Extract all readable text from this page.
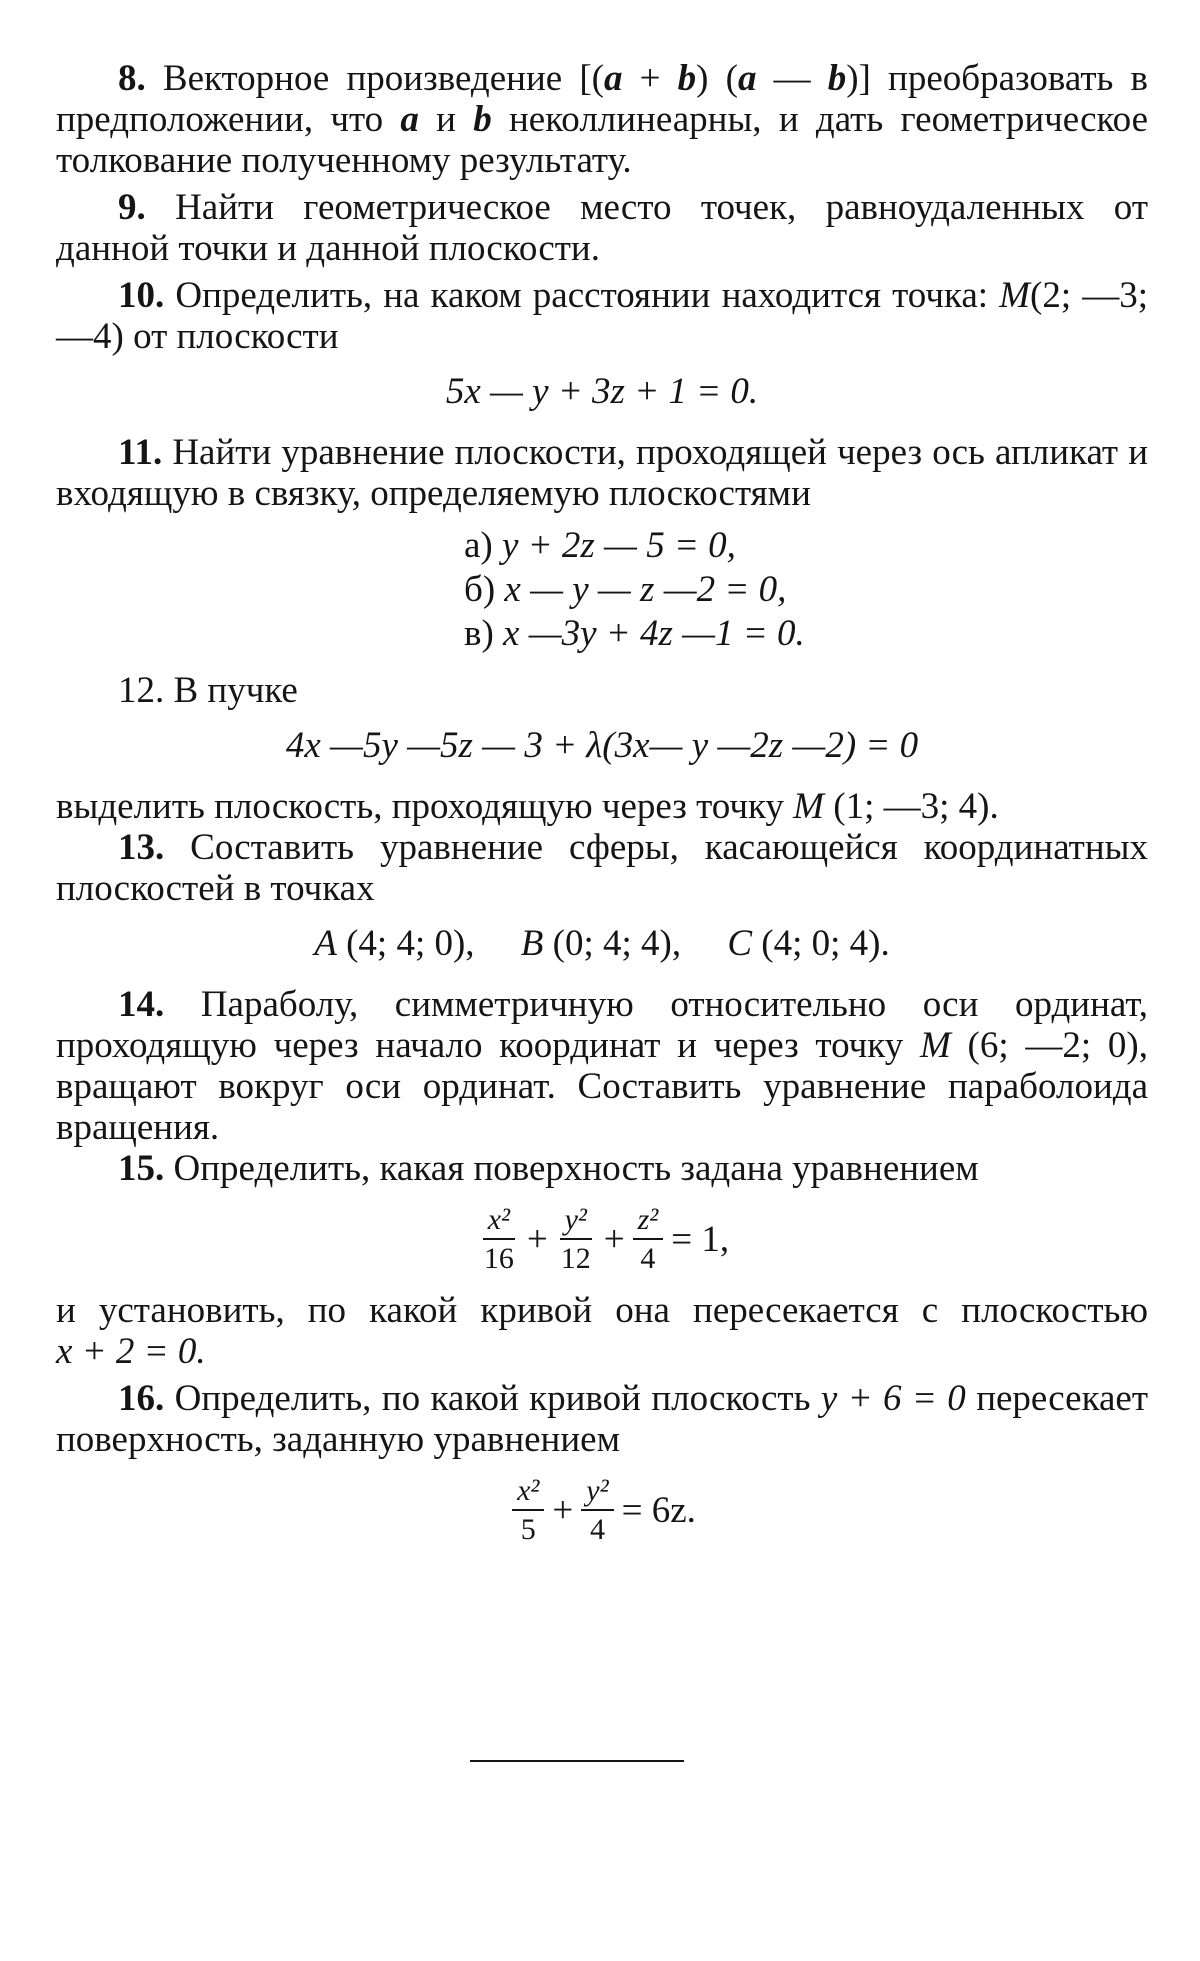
8. Векторное произведение [(a + b) (a — b)] преобразовать в предположении, что a и b неколлинеарны, и дать геометрическое толкование полученному результату.

9. Найти геометрическое место точек, равноудаленных от данной точки и данной плоскости.

10. Определить, на каком расстоянии находится точка: M(2; —3; —4) от плоскости

5x — y + 3z + 1 = 0.

11. Найти уравнение плоскости, проходящей через ось апликат и входящую в связку, определяемую плоскостями

а) y + 2z — 5 = 0,
б) x — y — z —2 = 0,
в) x —3y + 4z —1 = 0.

12. В пучке

4x —5y —5z — 3 + λ(3x— y —2z —2) = 0

выделить плоскость, проходящую через точку M (1; —3; 4).

13. Составить уравнение сферы, касающейся координатных плоскостей в точках

A (4; 4; 0), B (0; 4; 4), C (4; 0; 4).

14. Параболу, симметричную относительно оси ординат, проходящую через начало координат и через точку M (6; —2; 0), вращают вокруг оси ординат. Составить уравнение параболоида вращения.

15. Определить, какая поверхность задана уравнением

$\frac{\text{x²}}{16} + \frac{\text{y²}}{12} + \frac{\text{z²}}{4} = 1$,

и установить, по какой кривой она пересекается с плоскостью x + 2 = 0.

16. Определить, по какой кривой плоскость y + 6 = 0 пересекает поверхность, заданную уравнением

$\frac{\text{x²}}{5} + \frac{\text{y²}}{4} = 6z$.
